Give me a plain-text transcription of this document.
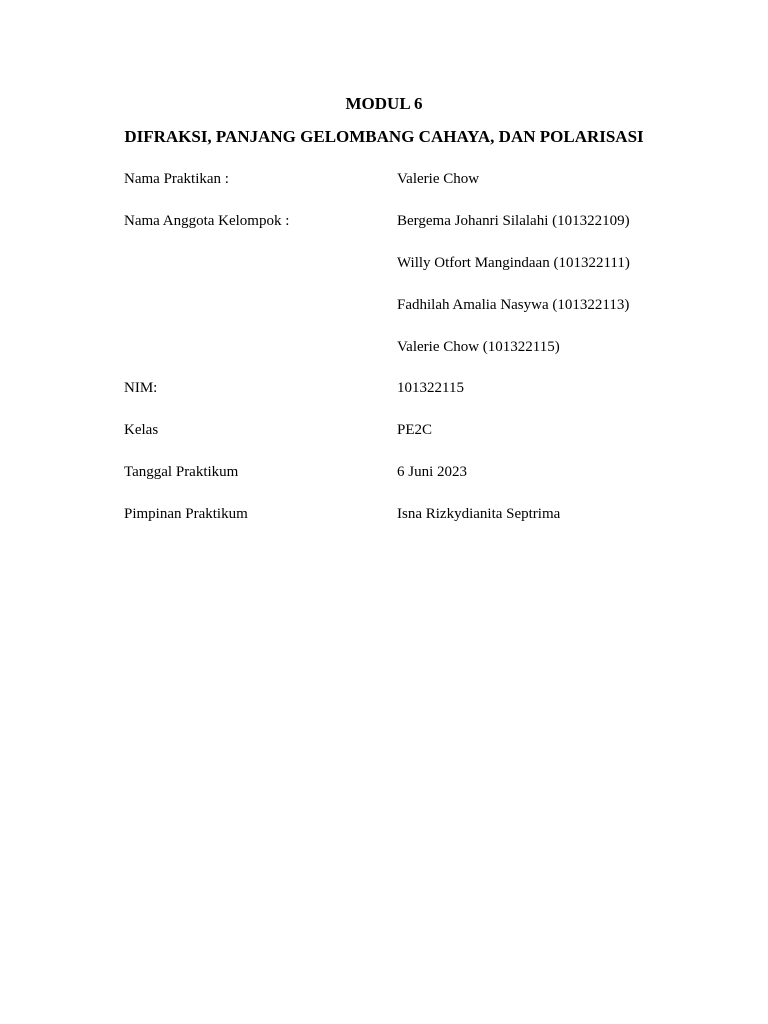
MODUL 6
DIFRAKSI, PANJANG GELOMBANG CAHAYA, DAN POLARISASI
Nama Praktikan :	Valerie Chow
Nama Anggota Kelompok :	Bergema Johanri Silalahi (101322109)
Willy Otfort Mangindaan (101322111)
Fadhilah Amalia Nasywa (101322113)
Valerie Chow (101322115)
NIM:	101322115
Kelas	PE2C
Tanggal Praktikum	6 Juni 2023
Pimpinan Praktikum	Isna Rizkydianita Septrima
